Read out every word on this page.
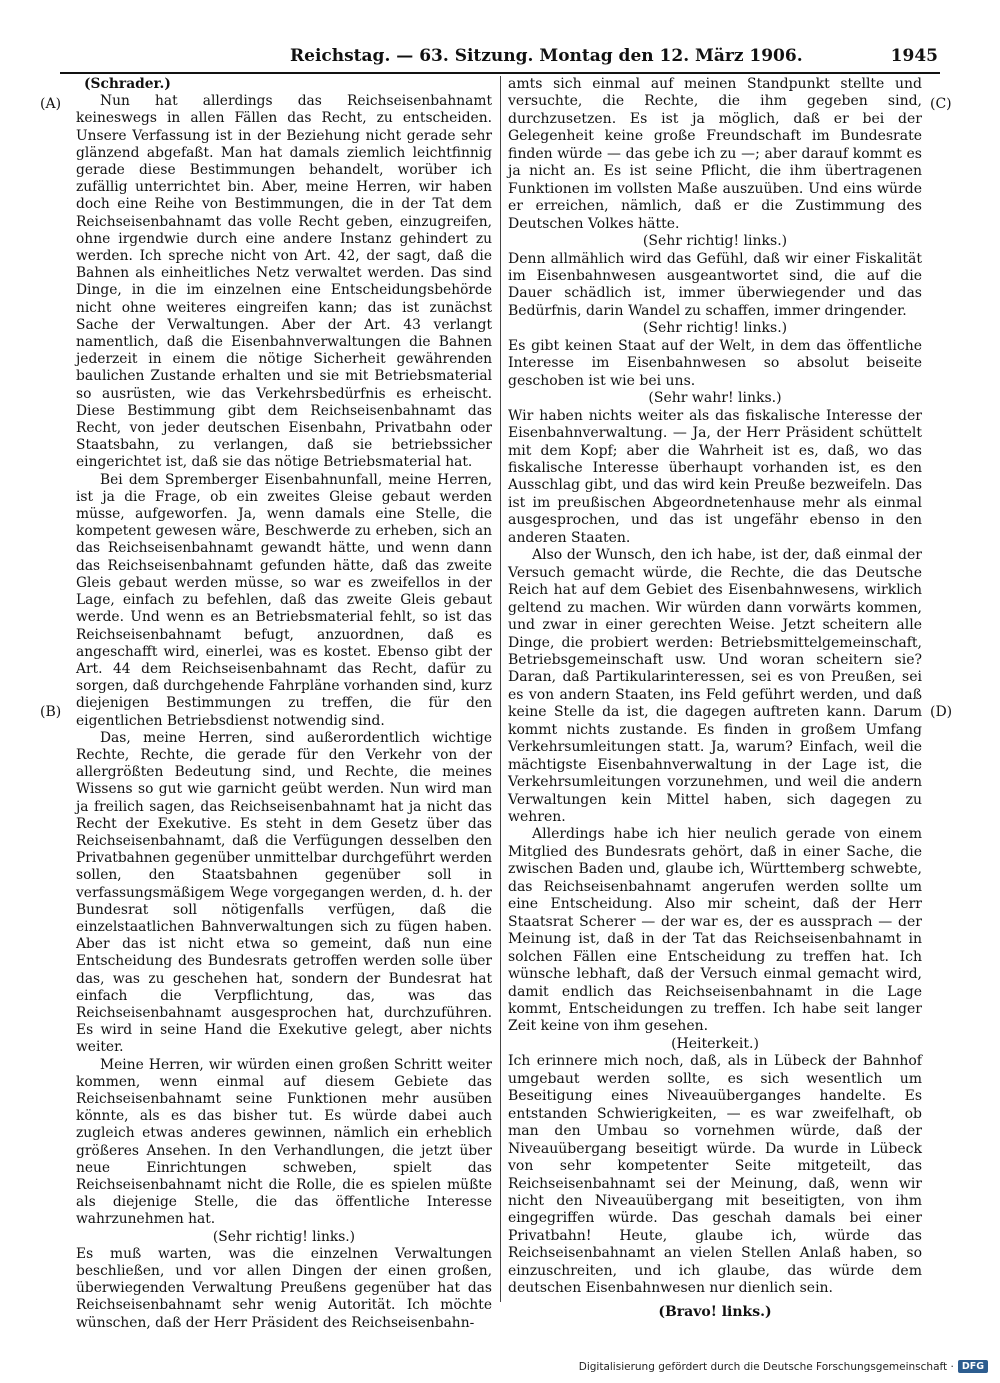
Reichstag. — 63. Sitzung. Montag den 12. März 1906.	1945
(A)
(B)
(C)
(D)
(Schrader.)

Nun hat allerdings das Reichseisenbahnamt keineswegs in allen Fällen das Recht, zu entscheiden. Unsere Verfassung ist in der Beziehung nicht gerade sehr glänzend abgefaßt. Man hat damals ziemlich leichtfinnig gerade diese Bestimmungen behandelt, worüber ich zufällig unterrichtet bin. Aber, meine Herren, wir haben doch eine Reihe von Bestimmungen, die in der Tat dem Reichseisenbahnamt das volle Recht geben, einzugreifen, ohne irgendwie durch eine andere Instanz gehindert zu werden. Ich spreche nicht von Art. 42, der sagt, daß die Bahnen als einheitliches Netz verwaltet werden. Das sind Dinge, in die im einzelnen eine Entscheidungsbehörde nicht ohne weiteres eingreifen kann; das ist zunächst Sache der Verwaltungen. Aber der Art. 43 verlangt namentlich, daß die Eisenbahnverwaltungen die Bahnen jederzeit in einem die nötige Sicherheit gewährenden baulichen Zustande erhalten und sie mit Betriebsmaterial so ausrüsten, wie das Verkehrsbedürfnis es erheischt. Diese Bestimmung gibt dem Reichseisenbahnamt das Recht, von jeder deutschen Eisenbahn, Privatbahn oder Staatsbahn, zu verlangen, daß sie betriebssicher eingerichtet ist, daß sie das nötige Betriebsmaterial hat.

Bei dem Spremberger Eisenbahnunfall, meine Herren, ist ja die Frage, ob ein zweites Gleise gebaut werden müsse, aufgeworfen. Ja, wenn damals eine Stelle, die kompetent gewesen wäre, Beschwerde zu erheben, sich an das Reichseisenbahnamt gewandt hätte, und wenn dann das Reichseisenbahnamt gefunden hätte, daß das zweite Gleis gebaut werden müsse, so war es zweifellos in der Lage, einfach zu befehlen, daß das zweite Gleis gebaut werde. Und wenn es an Betriebsmaterial fehlt, so ist das Reichseisenbahnamt befugt, anzuordnen, daß es angeschafft wird, einerlei, was es kostet. Ebenso gibt der Art. 44 dem Reichseisenbahnamt das Recht, dafür zu sorgen, daß durchgehende Fahrpläne vorhanden sind, kurz diejenigen Bestimmungen zu treffen, die für den eigentlichen Betriebsdienst notwendig sind.

Das, meine Herren, sind außerordentlich wichtige Rechte, Rechte, die gerade für den Verkehr von der allergrößten Bedeutung sind, und Rechte, die meines Wissens so gut wie garnicht geübt werden. Nun wird man ja freilich sagen, das Reichseisenbahnamt hat ja nicht das Recht der Exekutive. Es steht in dem Gesetz über das Reichseisenbahnamt, daß die Verfügungen desselben den Privatbahnen gegenüber unmittelbar durchgeführt werden sollen, den Staatsbahnen gegenüber soll in verfassungsmäßigem Wege vorgegangen werden, d. h. der Bundesrat soll nötigenfalls verfügen, daß die einzelstaatlichen Bahnverwaltungen sich zu fügen haben. Aber das ist nicht etwa so gemeint, daß nun eine Entscheidung des Bundesrats getroffen werden solle über das, was zu geschehen hat, sondern der Bundesrat hat einfach die Verpflichtung, das, was das Reichseisenbahnamt ausgesprochen hat, durchzuführen. Es wird in seine Hand die Exekutive gelegt, aber nichts weiter.

Meine Herren, wir würden einen großen Schritt weiter kommen, wenn einmal auf diesem Gebiete das Reichseisenbahnamt seine Funktionen mehr ausüben könnte, als es das bisher tut. Es würde dabei auch zugleich etwas anderes gewinnen, nämlich ein erheblich größeres Ansehen. In den Verhandlungen, die jetzt über neue Einrichtungen schweben, spielt das Reichseisenbahnamt nicht die Rolle, die es spielen müßte als diejenige Stelle, die das öffentliche Interesse wahrzunehmen hat.

(Sehr richtig! links.)

Es muß warten, was die einzelnen Verwaltungen beschließen, und vor allen Dingen der einen großen, überwiegenden Verwaltung Preußens gegenüber hat das Reichseisenbahnamt sehr wenig Autorität. Ich möchte wünschen, daß der Herr Präsident des Reichseisenbahn-

amts sich einmal auf meinen Standpunkt stellte und versuchte, die Rechte, die ihm gegeben sind, durchzusetzen. Es ist ja möglich, daß er bei der Gelegenheit keine große Freundschaft im Bundesrate finden würde — das gebe ich zu —; aber darauf kommt es ja nicht an. Es ist seine Pflicht, die ihm übertragenen Funktionen im vollsten Maße auszuüben. Und eins würde er erreichen, nämlich, daß er die Zustimmung des Deutschen Volkes hätte.

(Sehr richtig! links.)

Denn allmählich wird das Gefühl, daß wir einer Fiskalität im Eisenbahnwesen ausgeantwortet sind, die auf die Dauer schädlich ist, immer überwiegender und das Bedürfnis, darin Wandel zu schaffen, immer dringender.

(Sehr richtig! links.)

Es gibt keinen Staat auf der Welt, in dem das öffentliche Interesse im Eisenbahnwesen so absolut beiseite geschoben ist wie bei uns.

(Sehr wahr! links.)

Wir haben nichts weiter als das fiskalische Interesse der Eisenbahnverwaltung. — Ja, der Herr Präsident schüttelt mit dem Kopf; aber die Wahrheit ist es, daß, wo das fiskalische Interesse überhaupt vorhanden ist, es den Ausschlag gibt, und das wird kein Preuße bezweifeln. Das ist im preußischen Abgeordnetenhause mehr als einmal ausgesprochen, und das ist ungefähr ebenso in den anderen Staaten.

Also der Wunsch, den ich habe, ist der, daß einmal der Versuch gemacht würde, die Rechte, die das Deutsche Reich hat auf dem Gebiet des Eisenbahnwesens, wirklich geltend zu machen. Wir würden dann vorwärts kommen, und zwar in einer gerechten Weise. Jetzt scheitern alle Dinge, die probiert werden: Betriebsmittelgemeinschaft, Betriebsgemeinschaft usw. Und woran scheitern sie? Daran, daß Partikularinteressen, sei es von Preußen, sei es von andern Staaten, ins Feld geführt werden, und daß keine Stelle da ist, die dagegen auftreten kann. Darum kommt nichts zustande. Es finden in großem Umfang Verkehrsumleitungen statt. Ja, warum? Einfach, weil die mächtigste Eisenbahnverwaltung in der Lage ist, die Verkehrsumleitungen vorzunehmen, und weil die andern Verwaltungen kein Mittel haben, sich dagegen zu wehren.

Allerdings habe ich hier neulich gerade von einem Mitglied des Bundesrats gehört, daß in einer Sache, die zwischen Baden und, glaube ich, Württemberg schwebte, das Reichseisenbahnamt angerufen werden sollte um eine Entscheidung. Also mir scheint, daß der Herr Staatsrat Scherer — der war es, der es aussprach — der Meinung ist, daß in der Tat das Reichseisenbahnamt in solchen Fällen eine Entscheidung zu treffen hat. Ich wünsche lebhaft, daß der Versuch einmal gemacht wird, damit endlich das Reichseisenbahnamt in die Lage kommt, Entscheidungen zu treffen. Ich habe seit langer Zeit keine von ihm gesehen.

(Heiterkeit.)

Ich erinnere mich noch, daß, als in Lübeck der Bahnhof umgebaut werden sollte, es sich wesentlich um Beseitigung eines Niveauüberganges handelte. Es entstanden Schwierigkeiten, — es war zweifelhaft, ob man den Umbau so vornehmen würde, daß der Niveauübergang beseitigt würde. Da wurde in Lübeck von sehr kompetenter Seite mitgeteilt, das Reichseisenbahnamt sei der Meinung, daß, wenn wir nicht den Niveauübergang mit beseitigten, von ihm eingegriffen würde. Das geschah damals bei einer Privatbahn! Heute, glaube ich, würde das Reichseisenbahnamt an vielen Stellen Anlaß haben, so einzuschreiten, und ich glaube, das würde dem deutschen Eisenbahnwesen nur dienlich sein.

(Bravo! links.)
Digitalisierung gefördert durch die Deutsche Forschungsgemeinschaft · DFG
